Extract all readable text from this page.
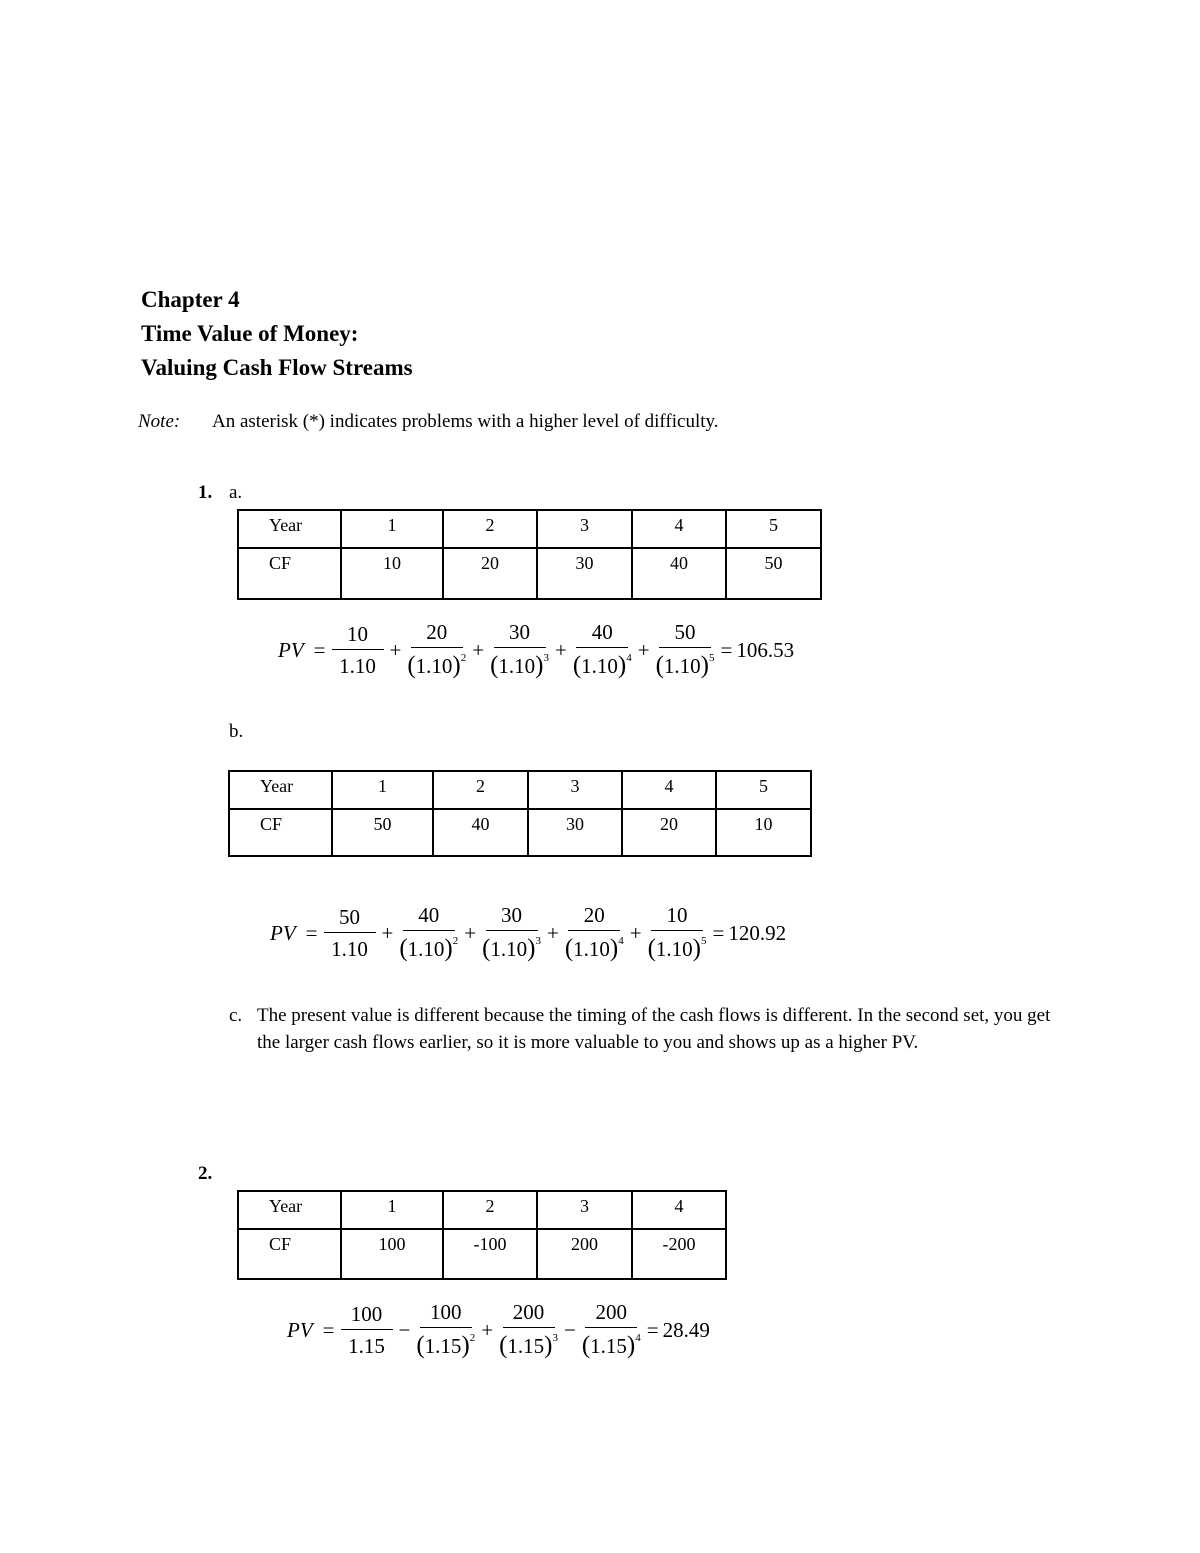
Chapter 4
Time Value of Money:
Valuing Cash Flow Streams
Note: An asterisk (*) indicates problems with a higher level of difficulty.
1. a.
Year	1	2	3	4	5
CF	10	20	30	40	50
PV = $\frac{10}{1.10} + \frac{20}{(1.10)^2} + \frac{30}{(1.10)^3} + \frac{40}{(1.10)^4} + \frac{50}{(1.10)^5} = 106.53$
b.
Year	1	2	3	4	5
CF	50	40	30	20	10
PV = $\frac{50}{1.10} + \frac{40}{(1.10)^2} + \frac{30}{(1.10)^3} + \frac{20}{(1.10)^4} + \frac{10}{(1.10)^5} = 120.92$
c. The present value is different because the timing of the cash flows is different. In the second set, you get the larger cash flows earlier, so it is more valuable to you and shows up as a higher PV.
2.
Year	1	2	3	4
CF	100	-100	200	-200
PV = $\frac{100}{1.15} - \frac{100}{(1.15)^2} + \frac{200}{(1.15)^3} - \frac{200}{(1.15)^4} = 28.49$
